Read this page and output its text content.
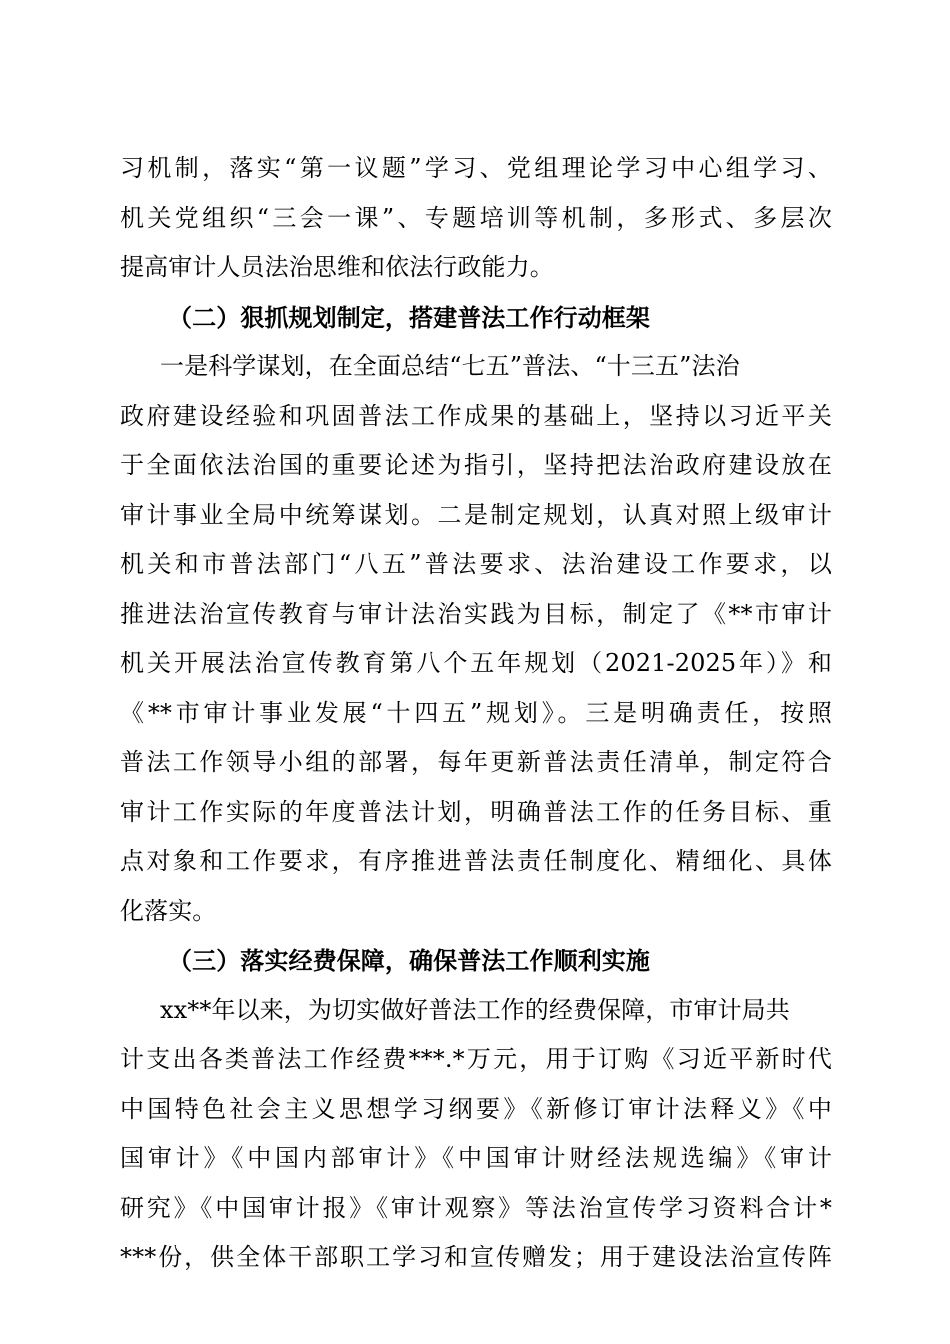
习机制，落实“第一议题”学习、党组理论学习中心组学习、
机关党组织“三会一课”、专题培训等机制，多形式、多层次
提高审计人员法治思维和依法行政能力。
（二）狠抓规划制定，搭建普法工作行动框架
一是科学谋划，在全面总结“七五”普法、“十三五”法治
政府建设经验和巩固普法工作成果的基础上，坚持以习近平关
于全面依法治国的重要论述为指引，坚持把法治政府建设放在
审计事业全局中统筹谋划。二是制定规划，认真对照上级审计
机关和市普法部门“八五”普法要求、法治建设工作要求，以
推进法治宣传教育与审计法治实践为目标，制定了《**市审计
机关开展法治宣传教育第八个五年规划（2021-2025年）》和
《**市审计事业发展“十四五”规划》。三是明确责任，按照
普法工作领导小组的部署，每年更新普法责任清单，制定符合
审计工作实际的年度普法计划，明确普法工作的任务目标、重
点对象和工作要求，有序推进普法责任制度化、精细化、具体
化落实。
（三）落实经费保障，确保普法工作顺利实施
xx**年以来，为切实做好普法工作的经费保障，市审计局共
计支出各类普法工作经费***.*万元，用于订购《习近平新时代
中国特色社会主义思想学习纲要》《新修订审计法释义》《中
国审计》《中国内部审计》《中国审计财经法规选编》《审计
研究》《中国审计报》《审计观察》等法治宣传学习资料合计*
***份，供全体干部职工学习和宣传赠发；用于建设法治宣传阵
